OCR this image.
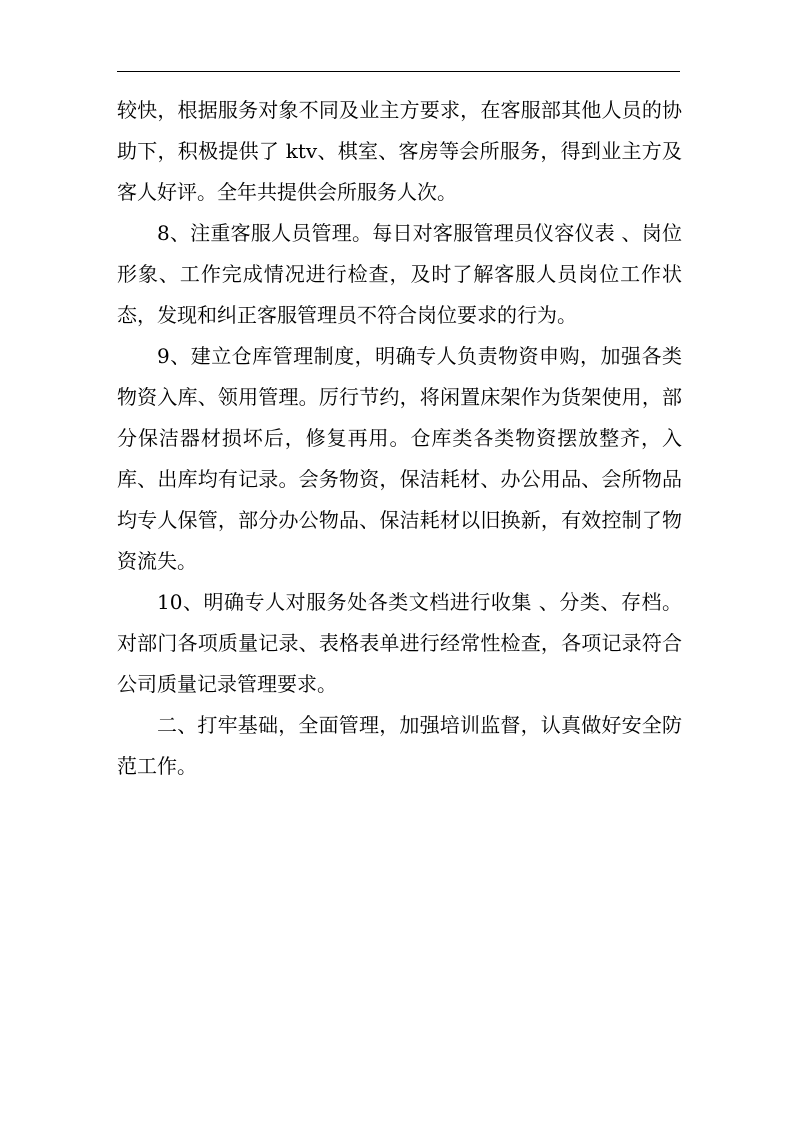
较快，根据服务对象不同及业主方要求，在客服部其他人员的协助下，积极提供了 ktv、棋室、客房等会所服务，得到业主方及客人好评。全年共提供会所服务人次。

8、注重客服人员管理。每日对客服管理员仪容仪表 、岗位形象、工作完成情况进行检查，及时了解客服人员岗位工作状态，发现和纠正客服管理员不符合岗位要求的行为。

9、建立仓库管理制度，明确专人负责物资申购，加强各类物资入库、领用管理。厉行节约，将闲置床架作为货架使用，部分保洁器材损坏后，修复再用。仓库类各类物资摆放整齐，入库、出库均有记录。会务物资，保洁耗材、办公用品、会所物品均专人保管，部分办公物品、保洁耗材以旧换新，有效控制了物资流失。

10、明确专人对服务处各类文档进行收集 、分类、存档。对部门各项质量记录、表格表单进行经常性检查，各项记录符合公司质量记录管理要求。

二、打牢基础，全面管理，加强培训监督，认真做好安全防范工作。
